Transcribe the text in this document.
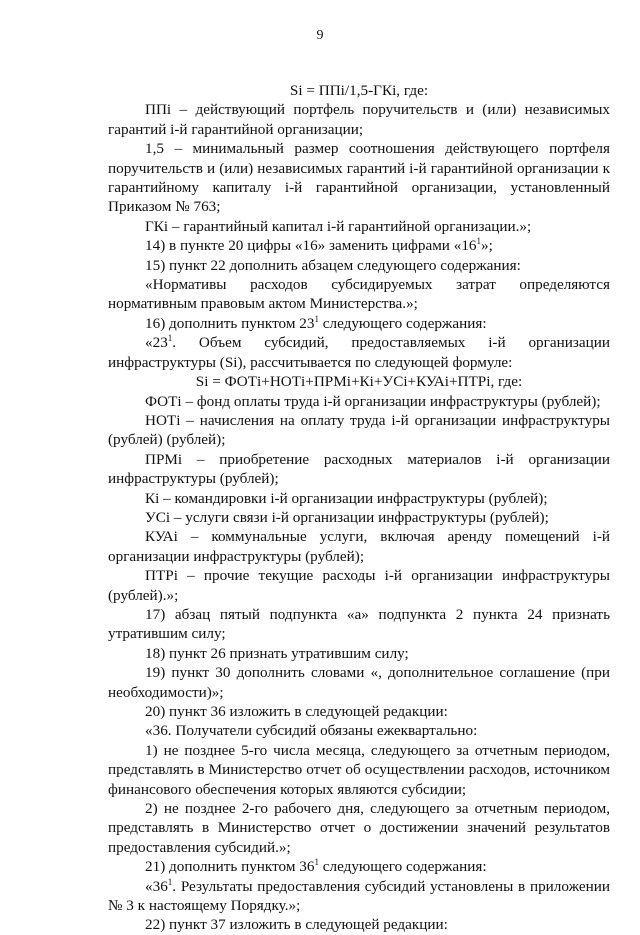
9

Si = ППi/1,5-ГКi, где:

ППi – действующий портфель поручительств и (или) независимых гарантий i-й гарантийной организации;

1,5 – минимальный размер соотношения действующего портфеля поручительств и (или) независимых гарантий i-й гарантийной организации к гарантийному капиталу i-й гарантийной организации, установленный Приказом № 763;

ГКi – гарантийный капитал i-й гарантийной организации.»;

14) в пункте 20 цифры «16» заменить цифрами «$16^1$»;

15) пункт 22 дополнить абзацем следующего содержания:

«Нормативы расходов субсидируемых затрат определяются нормативным правовым актом Министерства.»;

16) дополнить пунктом $23^1$ следующего содержания:

«$23^1$. Объем субсидий, предоставляемых i-й организации инфраструктуры (Si), рассчитывается по следующей формуле:

Si = ФОТi+НОТi+ПРМi+Кi+УСi+КУАi+ПТРi, где:

ФОТi – фонд оплаты труда i-й организации инфраструктуры (рублей);

НОТi – начисления на оплату труда i-й организации инфраструктуры (рублей) (рублей);

ПРМi – приобретение расходных материалов i-й организации инфраструктуры (рублей);

Кi – командировки i-й организации инфраструктуры (рублей);

УСi – услуги связи i-й организации инфраструктуры (рублей);

КУАi – коммунальные услуги, включая аренду помещений i-й организации инфраструктуры (рублей);

ПТРi – прочие текущие расходы i-й организации инфраструктуры (рублей).»;

17) абзац пятый подпункта «а» подпункта 2 пункта 24 признать утратившим силу;

18) пункт 26 признать утратившим силу;

19) пункт 30 дополнить словами «, дополнительное соглашение (при необходимости)»;

20) пункт 36 изложить в следующей редакции:

«36. Получатели субсидий обязаны ежеквартально:

1) не позднее 5-го числа месяца, следующего за отчетным периодом, представлять в Министерство отчет об осуществлении расходов, источником финансового обеспечения которых являются субсидии;

2) не позднее 2-го рабочего дня, следующего за отчетным периодом, представлять в Министерство отчет о достижении значений результатов предоставления субсидий.»;

21) дополнить пунктом $36^1$ следующего содержания:

«$36^1$. Результаты предоставления субсидий установлены в приложении № 3 к настоящему Порядку.»;

22) пункт 37 изложить в следующей редакции:
